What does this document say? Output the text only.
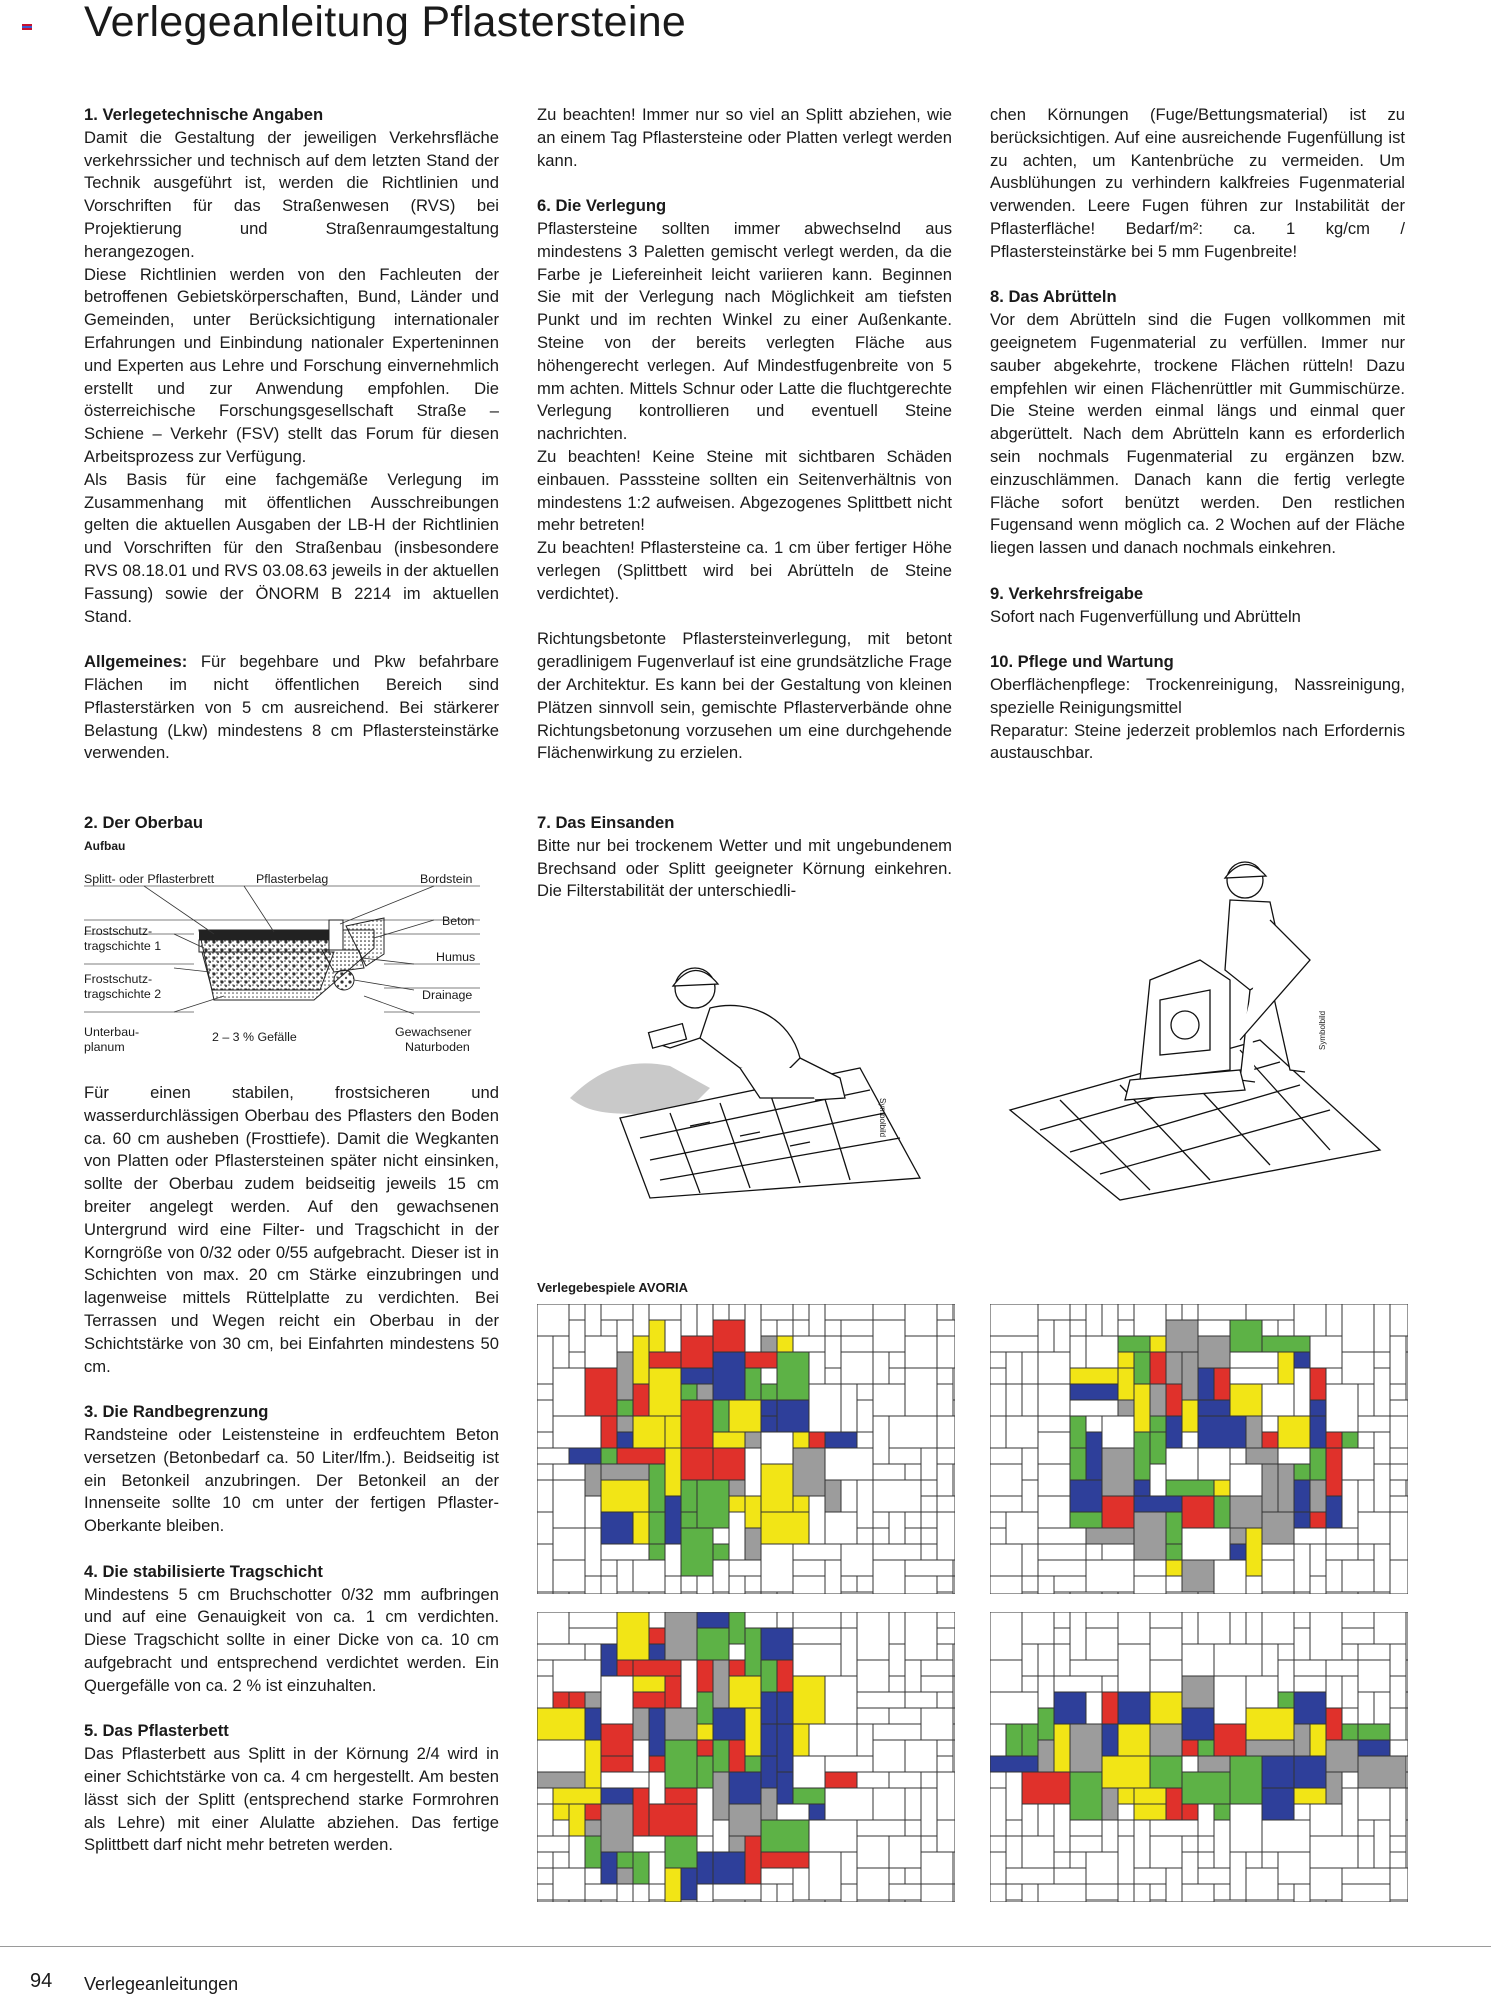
Verlegeanleitung Pflastersteine
1. Verlegetechnische Angaben

Damit die Gestaltung der jeweiligen Verkehrsfläche verkehrssicher und technisch auf dem letzten Stand der Technik ausgeführt ist, werden die Richtlinien und Vorschriften für das Straßenwesen (RVS) bei Projektierung und Straßenraumgestaltung herangezogen.

Diese Richtlinien werden von den Fachleuten der betroffenen Gebietskörperschaften, Bund, Länder und Gemeinden, unter Berücksichtigung internationaler Erfahrungen und Einbindung nationaler Experteninnen und Experten aus Lehre und Forschung einvernehmlich erstellt und zur Anwendung empfohlen. Die österreichische Forschungsgesellschaft Straße – Schiene – Verkehr (FSV) stellt das Forum für diesen Arbeitsprozess zur Verfügung.

Als Basis für eine fachgemäße Verlegung im Zusammenhang mit öffentlichen Ausschreibungen gelten die aktuellen Ausgaben der LB-H der Richtlinien und Vorschriften für den Straßenbau (insbesondere RVS 08.18.01 und RVS 03.08.63 jeweils in der aktuellen Fassung) sowie der ÖNORM B 2214 im aktuellen Stand.

Allgemeines: Für begehbare und Pkw befahrbare Flächen im nicht öffentlichen Bereich sind Pflasterstärken von 5 cm ausreichend. Bei stärkerer Belastung (Lkw) mindestens 8 cm Pflastersteinstärke verwenden.

2. Der Oberbau

Aufbau

Splitt- oder Pflasterbrett	Pflasterbelag	Bordstein
Beton
Frostschutz-
tragschichte 1
Humus
Frostschutz-
tragschichte 2	Drainage
Unterbau-
planum
2 – 3 % Gefälle	Gewachsener
Naturboden

Für einen stabilen, frostsicheren und wasserdurchlässigen Oberbau des Pflasters den Boden ca. 60 cm ausheben (Frosttiefe). Damit die Wegkanten von Platten oder Pflastersteinen später nicht einsinken, sollte der Oberbau zudem beidseitig jeweils 15 cm breiter angelegt werden. Auf den gewachsenen Untergrund wird eine Filter- und Tragschicht in der Korngröße von 0/32 oder 0/55 aufgebracht. Dieser ist in Schichten von max. 20 cm Stärke einzubringen und lagenweise mittels Rüttelplatte zu verdichten. Bei Terrassen und Wegen reicht ein Oberbau in der Schichtstärke von 30 cm, bei Einfahrten mindestens 50 cm.

3. Die Randbegrenzung

Randsteine oder Leistensteine in erdfeuchtem Beton versetzen (Betonbedarf ca. 50 Liter/lfm.). Beidseitig ist ein Betonkeil anzubringen. Der Betonkeil an der Innenseite sollte 10 cm unter der fertigen Pflaster-Oberkante bleiben.

4. Die stabilisierte Tragschicht

Mindestens 5 cm Bruchschotter 0/32 mm aufbringen und auf eine Genauigkeit von ca. 1 cm verdichten. Diese Tragschicht sollte in einer Dicke von ca. 10 cm aufgebracht und entsprechend verdichtet werden. Ein Quergefälle von ca. 2 % ist einzuhalten.

5. Das Pflasterbett

Das Pflasterbett aus Splitt in der Körnung 2/4 wird in einer Schichtstärke von ca. 4 cm hergestellt. Am besten lässt sich der Splitt (entsprechend starke Formrohren als Lehre) mit einer Alulatte abziehen. Das fertige Splittbett darf nicht mehr betreten werden.

Zu beachten! Immer nur so viel an Splitt abziehen, wie an einem Tag Pflastersteine oder Platten verlegt werden kann.

6. Die Verlegung

Pflastersteine sollten immer abwechselnd aus mindestens 3 Paletten gemischt verlegt werden, da die Farbe je Liefereinheit leicht variieren kann. Beginnen Sie mit der Verlegung nach Möglichkeit am tiefsten Punkt und im rechten Winkel zu einer Außenkante. Steine von der bereits verlegten Fläche aus höhengerecht verlegen. Auf Mindestfugenbreite von 5 mm achten. Mittels Schnur oder Latte die fluchtgerechte Verlegung kontrollieren und eventuell Steine nachrichten.

Zu beachten! Keine Steine mit sichtbaren Schäden einbauen. Passsteine sollten ein Seitenverhältnis von mindestens 1:2 aufweisen. Abgezogenes Splittbett nicht mehr betreten!

Zu beachten! Pflastersteine ca. 1 cm über fertiger Höhe verlegen (Splittbett wird bei Abrütteln de Steine verdichtet).

Richtungsbetonte Pflastersteinverlegung, mit betont geradlinigem Fugenverlauf ist eine grundsätzliche Frage der Architektur. Es kann bei der Gestaltung von kleinen Plätzen sinnvoll sein, gemischte Pflasterverbände ohne Richtungsbetonung vorzusehen um eine durchgehende Flächenwirkung zu erzielen.

7. Das Einsanden

Bitte nur bei trockenem Wetter und mit ungebundenem Brechsand oder Splitt geeigneter Körnung einkehren. Die Filterstabilität der unterschiedli-

chen Körnungen (Fuge/Bettungsmaterial) ist zu berücksichtigen. Auf eine ausreichende Fugenfüllung ist zu achten, um Kantenbrüche zu vermeiden. Um Ausblühungen zu verhindern kalkfreies Fugenmaterial verwenden. Leere Fugen führen zur Instabilität der Pflasterfläche! Bedarf/m²: ca. 1 kg/cm / Pflastersteinstärke bei 5 mm Fugenbreite!

8. Das Abrütteln

Vor dem Abrütteln sind die Fugen vollkommen mit geeignetem Fugenmaterial zu verfüllen. Immer nur sauber abgekehrte, trockene Flächen rütteln! Dazu empfehlen wir einen Flächenrüttler mit Gummischürze. Die Steine werden einmal längs und einmal quer abgerüttelt. Nach dem Abrütteln kann es erforderlich sein nochmals Fugenmaterial zu ergänzen bzw. einzuschlämmen. Danach kann die fertig verlegte Fläche sofort benützt werden. Den restlichen Fugensand wenn möglich ca. 2 Wochen auf der Fläche liegen lassen und danach nochmals einkehren.

9. Verkehrsfreigabe

Sofort nach Fugenverfüllung und Abrütteln

10. Pflege und Wartung

Oberflächenpflege: Trockenreinigung, Nassreinigung, spezielle Reinigungsmittel

Reparatur: Steine jederzeit problemlos nach Erfordernis austauschbar.

Symbolbild
Symbolbild
Verlegebespiele AVORIA
94 Verlegeanleitungen
